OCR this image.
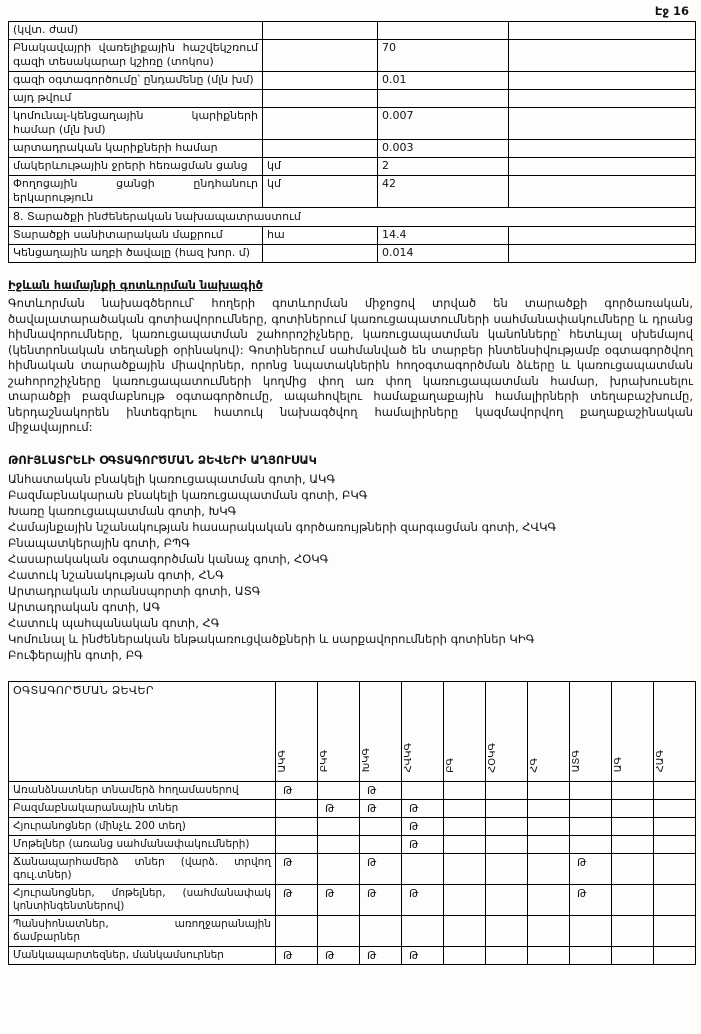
Էջ 16
(կվտ. ժամ)			
Բնակավայրի վառելիքային հաշվեկշռում գազի տեսակարար կշիռը (տոկոս)		70	
գազի օգտագործումը՝ ընդամենը (մլն խմ)		0.01	
այդ թվում			
կոմունալ-կենցաղային կարիքների համար (մլն խմ)		0.007	
արտադրական կարիքների համար		0.003	
մակերևութային ջրերի հեռացման ցանց	կմ	2	
Փողոցային ցանցի ընդհանուր երկարություն	կմ	42	
8. Տարածքի ինժեներական նախապատրաստում			
Տարածքի սանիտարական մաքրում	հա	14.4	
Կենցաղային աղբի ծավալը (հազ խոր. մ)		0.014	
Իջևան համայնքի գոտևորման նախագիծ

Գոտևորման նախագծերում՝ հողերի գոտևորման միջոցով տրված են տարածքի գործառական, ծավալատարածական գոտիավորումները, գոտիներում կառուցապատումների սահմանափակումները և դրանց հիմնավորումները, կառուցապատման շահորոշիչները, կառուցապատման կանոնները՝ հետևյալ սխեմայով (կենտրոնական տեղանքի օրինակով): Գոտիներում սահմանված են տարբեր ինտենսիվությամբ օգտագործվող հիմնական տարածքային միավորներ, որոնց նպատակներին հողօգտագործման ձևերը և կառուցապատման շահորոշիչները կառուցապատումների կողմից փող առ փող կառուցապատման համար, խրախուսելու տարածքի բազմաբնույթ օգտագործումը, ապահովելու համաքաղաքային համալիրների տեղաբաշխումը, ներդաշնակորեն ինտեգրելու հատուկ նախագծվող համալիրները կազմավորվող քաղաքաշինական միջավայրում:

ԹՈՒՅԼԱՏՐԵԼԻ ՕԳՏԱԳՈՐԾՄԱՆ ՁԵՎԵՐԻ ԱՂՅՈՒՍԱԿ
Անհատական բնակելի կառուցապատման գոտի, ԱԿԳ
Բազմաբնակարան բնակելի կառուցապատման գոտի, ԲԿԳ
Խառը կառուցապատման գոտի, ԽԿԳ
Համայնքային նշանակության հասարակական գործառույթների զարգացման գոտի, ՀՎԿԳ
Բնապատկերային գոտի, ԲՊԳ
Հասարակական օգտագործման կանաչ գոտի, ՀՕԿԳ
Հատուկ նշանակության գոտի, ՀՆԳ
Արտադրական տրանսպորտի գոտի, ԱՏԳ
Արտադրական գոտի, ԱԳ
Հատուկ պահպանական գոտի, ՀԳ
Կոմունալ և ինժեներական ենթակառուցվածքների և սարքավորումների գոտիներ ԿԻԳ
Բուֆերային գոտի, ԲԳ
ՕԳՏԱԳՈՐԾՄԱՆ ՁԵՎԵՐ	ԱԿԳ	ԲԿԳ	ԽԿԳ	ՀՎԿԳ	ԲԳ	ՀՕԿԳ	ՀԳ	ԱՏԳ	ԱԳ	ՀԱԳ
Առանձնատներ տնամերձ հողամասերով	Թ		Թ							
Բազմաբնակարանային տներ		Թ	Թ	Թ						
Հյուրանոցներ (մինչև 200 տեղ)				Թ						
Մոթելներ (առանց սահմանափակումների)				Թ						
Ճանապարհամերձ տներ (վարձ. տրվող գուլ.տներ)	Թ		Թ					Թ		
Հյուրանոցներ, մոթելներ, (սահմանափակ կոնտինգենտներով)	Թ	Թ	Թ	Թ				Թ		
Պանսիոնատներ, առողջարանային ճամբարներ										
Մանկապարտեզներ, մանկամսուրներ	Թ	Թ	Թ	Թ						
